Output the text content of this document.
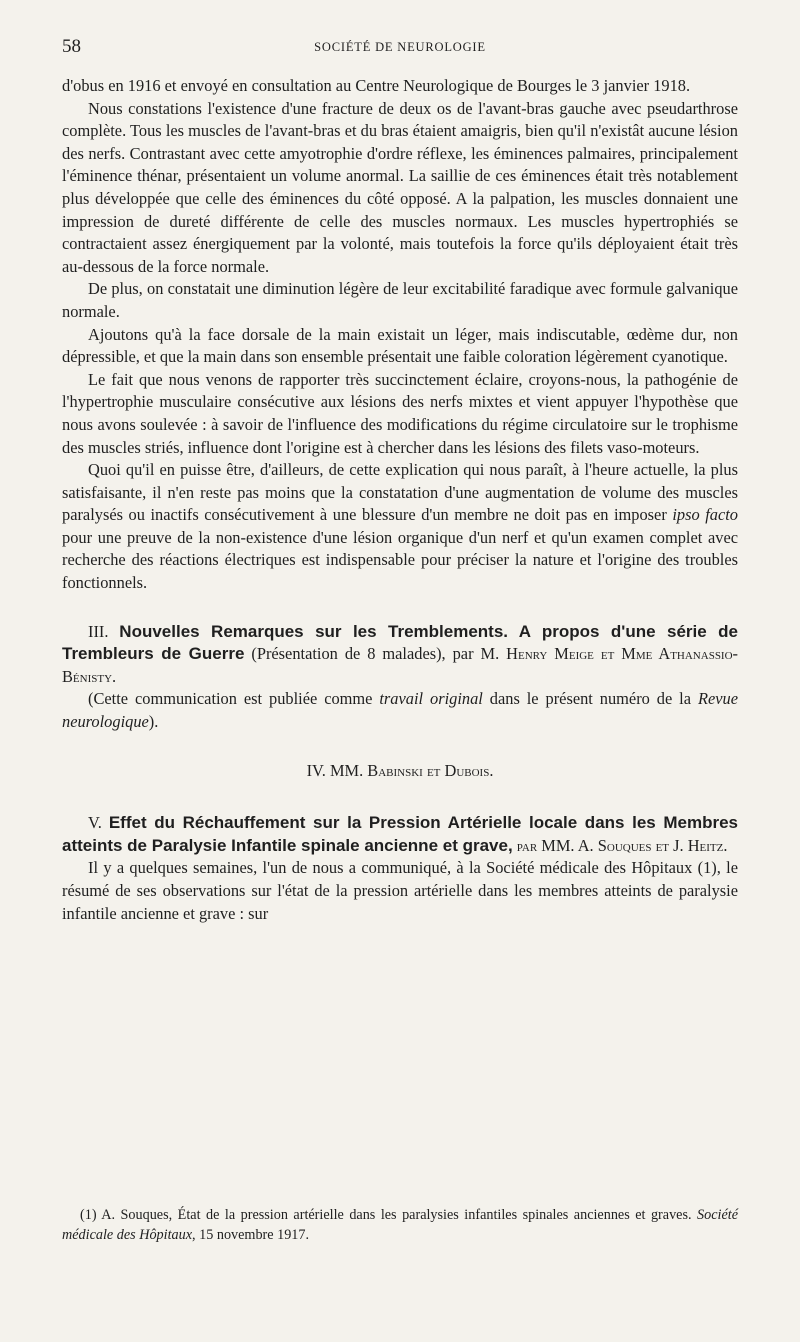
58	SOCIÉTÉ DE NEUROLOGIE

d'obus en 1916 et envoyé en consultation au Centre Neurologique de Bourges le 3 janvier 1918.

Nous constations l'existence d'une fracture de deux os de l'avant-bras gauche avec pseudarthrose complète. Tous les muscles de l'avant-bras et du bras étaient amaigris, bien qu'il n'existât aucune lésion des nerfs. Contrastant avec cette amyotrophie d'ordre réflexe, les éminences palmaires, principalement l'éminence thénar, présentaient un volume anormal. La saillie de ces éminences était très notablement plus développée que celle des éminences du côté opposé. A la palpation, les muscles donnaient une impression de dureté différente de celle des muscles normaux. Les muscles hypertrophiés se contractaient assez énergiquement par la volonté, mais toutefois la force qu'ils déployaient était très au-dessous de la force normale.

De plus, on constatait une diminution légère de leur excitabilité faradique avec formule galvanique normale.

Ajoutons qu'à la face dorsale de la main existait un léger, mais indiscutable, œdème dur, non dépressible, et que la main dans son ensemble présentait une faible coloration légèrement cyanotique.

Le fait que nous venons de rapporter très succinctement éclaire, croyons-nous, la pathogénie de l'hypertrophie musculaire consécutive aux lésions des nerfs mixtes et vient appuyer l'hypothèse que nous avons soulevée : à savoir de l'influence des modifications du régime circulatoire sur le trophisme des muscles striés, influence dont l'origine est à chercher dans les lésions des filets vaso-moteurs.

Quoi qu'il en puisse être, d'ailleurs, de cette explication qui nous paraît, à l'heure actuelle, la plus satisfaisante, il n'en reste pas moins que la constatation d'une augmentation de volume des muscles paralysés ou inactifs consécutivement à une blessure d'un membre ne doit pas en imposer ipso facto pour une preuve de la non-existence d'une lésion organique d'un nerf et qu'un examen complet avec recherche des réactions électriques est indispensable pour préciser la nature et l'origine des troubles fonctionnels.

III. Nouvelles Remarques sur les Tremblements. A propos d'une série de Trembleurs de Guerre (Présentation de 8 malades), par M. Henry Meige et Mme Athanassio-Bénisty.

(Cette communication est publiée comme travail original dans le présent numéro de la Revue neurologique).

IV. MM. Babinski et Dubois.

V. Effet du Réchauffement sur la Pression Artérielle locale dans les Membres atteints de Paralysie Infantile spinale ancienne et grave, par MM. A. Souques et J. Heitz.

Il y a quelques semaines, l'un de nous a communiqué, à la Société médicale des Hôpitaux (1), le résumé de ses observations sur l'état de la pression artérielle dans les membres atteints de paralysie infantile ancienne et grave : sur

(1) A. Souques, État de la pression artérielle dans les paralysies infantiles spinales anciennes et graves. Société médicale des Hôpitaux, 15 novembre 1917.
